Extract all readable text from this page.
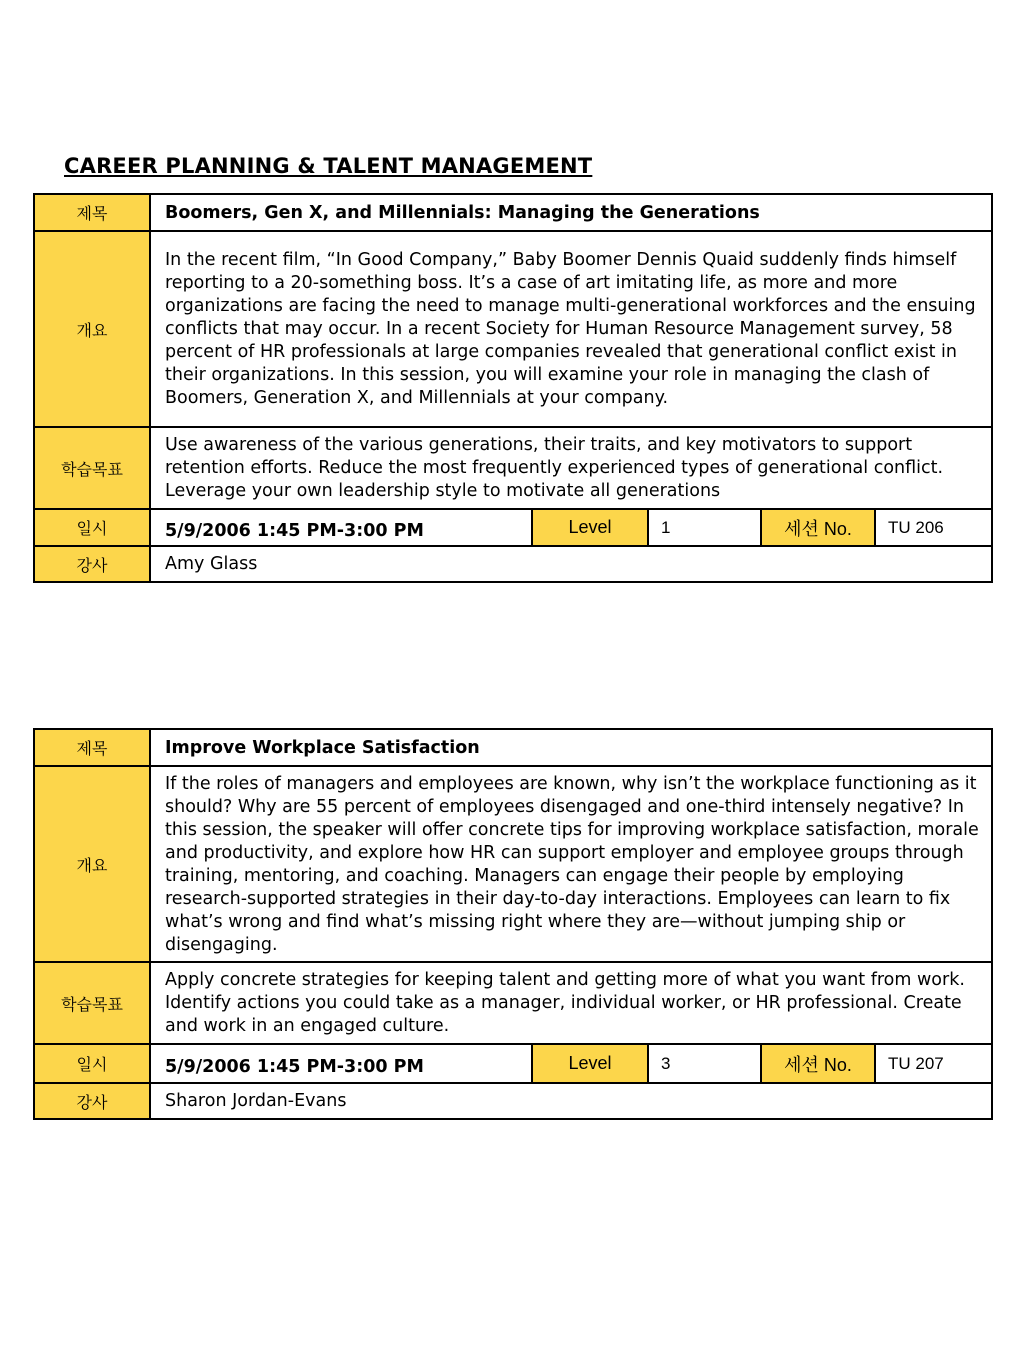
CAREER PLANNING & TALENT MANAGEMENT
제목	Boomers, Gen X, and Millennials: Managing the Generations				
개요	In the recent film, “In Good Company,” Baby Boomer Dennis Quaid suddenly finds himself reporting to a 20-something boss. It’s a case of art imitating life, as more and more organizations are facing the need to manage multi-generational workforces and the ensuing conflicts that may occur. In a recent Society for Human Resource Management survey, 58 percent of HR professionals at large companies revealed that generational conflict exist in their organizations. In this session, you will examine your role in managing the clash of Boomers, Generation X, and Millennials at your company.				
학습목표	Use awareness of the various generations, their traits, and key motivators to support retention efforts. Reduce the most frequently experienced types of generational conflict. Leverage your own leadership style to motivate all generations				
일시	5/9/2006 1:45 PM-3:00 PM	Level	1	세션 No.	TU 206
강사	Amy Glass				
제목	Improve Workplace Satisfaction				
개요	If the roles of managers and employees are known, why isn’t the workplace functioning as it should? Why are 55 percent of employees disengaged and one-third intensely negative? In this session, the speaker will offer concrete tips for improving workplace satisfaction, morale and productivity, and explore how HR can support employer and employee groups through training, mentoring, and coaching. Managers can engage their people by employing research-supported strategies in their day-to-day interactions. Employees can learn to fix what’s wrong and find what’s missing right where they are—without jumping ship or disengaging.				
학습목표	Apply concrete strategies for keeping talent and getting more of what you want from work. Identify actions you could take as a manager, individual worker, or HR professional. Create and work in an engaged culture.				
일시	5/9/2006 1:45 PM-3:00 PM	Level	3	세션 No.	TU 207
강사	Sharon Jordan-Evans				
